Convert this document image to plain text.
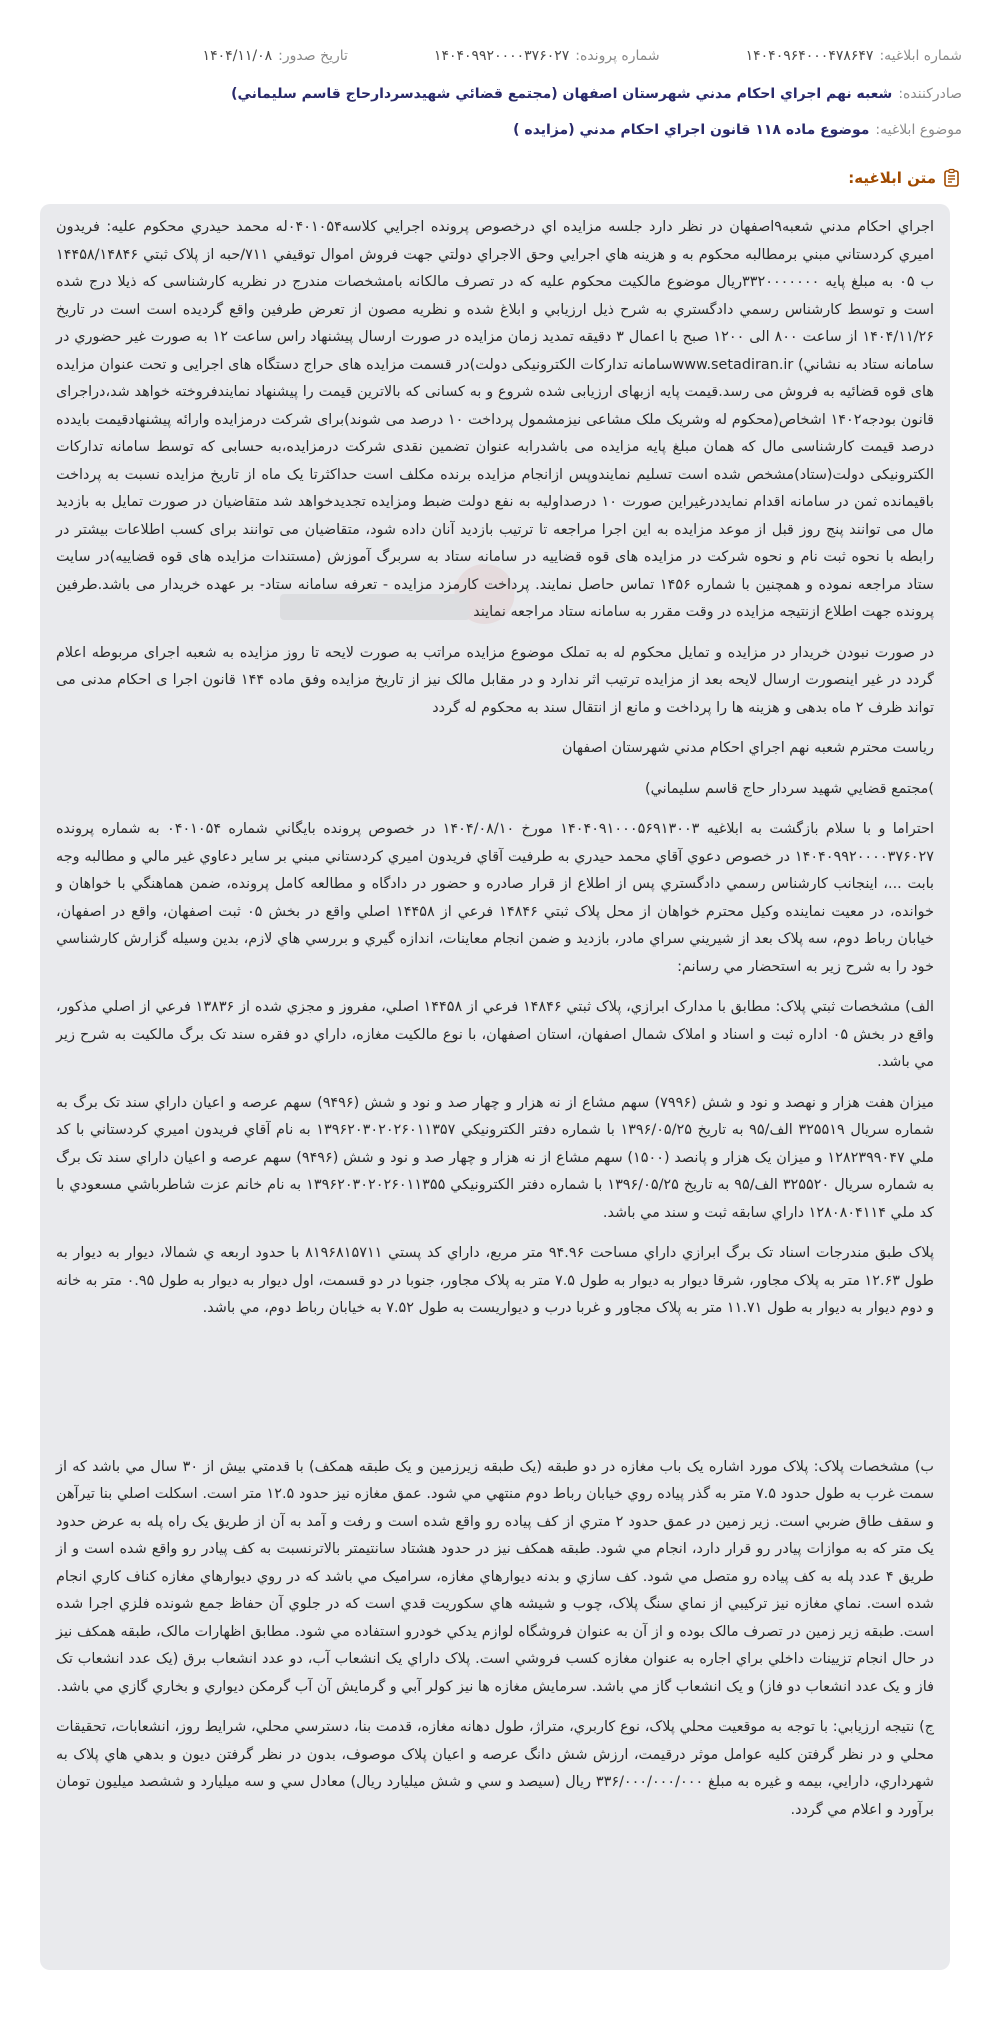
شماره ابلاغيه:۱۴۰۴۰۹۶۴۰۰۰۴۷۸۶۴۷
شماره پرونده:۱۴۰۴۰۹۹۲۰۰۰۰۳۷۶۰۲۷
تاريخ صدور:۱۴۰۴/۱۱/۰۸
صادرکننده:
شعبه نهم اجراي احکام مدني شهرستان اصفهان (مجتمع قضائي شهيدسردارحاج قاسم سليماني)
موضوع ابلاغيه:
موضوع ماده ۱۱۸ قانون اجراي احکام مدني (مزايده )
متن ابلاغيه:

اجراي احکام مدني شعبه۹اصفهان در نظر دارد جلسه مزايده اي درخصوص پرونده اجرايي کلاسه۰۴۰۱۰۵۴له محمد حيدري محکوم عليه: فريدون اميري کردستاني مبني برمطالبه محکوم به و هزينه هاي اجرايي وحق الاجراي دولتي جهت فروش اموال توقيفي ۷۱۱/حبه از پلاک ثبتي ۱۴۴۵۸/۱۴۸۴۶ ب ۰۵ به مبلغ پايه ۳۳۲۰۰۰۰۰۰۰ريال موضوع مالکيت محکوم عليه که در تصرف مالکانه بامشخصات مندرج در نظريه کارشناسی که ذيلا درج شده است و توسط کارشناس رسمي دادگستري به شرح ذيل ارزيابي و ابلاغ شده و نظريه مصون از تعرض طرفين واقع گرديده است است در تاريخ ۱۴۰۴/۱۱/۲۶ از ساعت ۸۰۰ الی ۱۲۰۰ صبح با اعمال ۳ دقيقه تمديد زمان مزايده در صورت ارسال پيشنهاد راس ساعت ۱۲ به صورت غير حضوري در سامانه ستاد به نشاني) www.setadiran.irسامانه تدارکات الکترونيکی دولت)در قسمت مزايده های حراج دستگاه های اجرايی و تحت عنوان مزايده های قوه قضائيه به فروش می رسد.قيمت پايه ازبهای ارزيابی شده شروع و به کسانی که بالاترين قيمت را پيشنهاد نمايندفروخته خواهد شد،دراجرای قانون بودجه۱۴۰۲ اشخاص(محکوم له وشريک ملک مشاعی نيزمشمول پرداخت ۱۰ درصد می شوند)برای شرکت درمزايده وارائه پيشنهادقيمت بايدده درصد قيمت کارشناسی مال که همان مبلغ پايه مزايده می باشدرابه عنوان تضمين نقدی شرکت درمزايده،به حسابی که توسط سامانه تدارکات الکترونيکی دولت(ستاد)مشخص شده است تسليم نمايندوپس ازانجام مزايده برنده مکلف است حداکثرتا يک ماه از تاريخ مزايده نسبت به پرداخت باقيمانده ثمن در سامانه اقدام نمايددرغيراين صورت ۱۰ درصداوليه به نفع دولت ضبط ومزايده تجديدخواهد شد متقاضيان در صورت تمايل به بازديد مال می توانند پنج روز قبل از موعد مزايده به اين اجرا مراجعه تا ترتيب بازديد آنان داده شود، متقاضيان می توانند برای کسب اطلاعات بيشتر در رابطه با نحوه ثبت نام و نحوه شرکت در مزايده های قوه قضاييه در سامانه ستاد به سربرگ آموزش (مستندات مزايده های قوه قضاييه)در سايت ستاد مراجعه نموده و همچنين با شماره ۱۴۵۶ تماس حاصل نمايند. پرداخت کارمزد مزايده - تعرفه سامانه ستاد- بر عهده خريدار می باشد.طرفين پرونده جهت اطلاع ازنتيجه مزايده در وقت مقرر به سامانه ستاد مراجعه نمايند

در صورت نبودن خريدار در مزايده و تمايل محکوم له به تملک موضوع مزايده مراتب به صورت لايحه تا روز مزايده به شعبه اجرای مربوطه اعلام گردد در غير اينصورت ارسال لايحه بعد از مزايده ترتيب اثر ندارد و در مقابل مالک نيز از تاريخ مزايده وفق ماده ۱۴۴ قانون اجرا ی احکام مدنی می تواند ظرف ۲ ماه بدهی و هزينه ها را پرداخت و مانع از انتقال سند به محکوم له گردد

رياست محترم شعبه نهم اجراي احکام مدني شهرستان اصفهان

)مجتمع قضايي شهيد سردار حاج قاسم سليماني)

احتراما و با سلام بازگشت به ابلاغيه ۱۴۰۴۰۹۱۰۰۰۵۶۹۱۳۰۰۳ مورخ ۱۴۰۴/۰۸/۱۰ در خصوص پرونده بايگاني شماره ۰۴۰۱۰۵۴ به شماره پرونده ۱۴۰۴۰۹۹۲۰۰۰۰۳۷۶۰۲۷ در خصوص دعوي آقاي محمد حيدري به طرفيت آقاي فريدون اميري کردستاني مبني بر ساير دعاوي غير مالي و مطالبه وجه بابت ...، اينجانب کارشناس رسمي دادگستري پس از اطلاع از قرار صادره و حضور در دادگاه و مطالعه کامل پرونده، ضمن هماهنگي با خواهان و خوانده، در معيت نماينده وکيل محترم خواهان از محل پلاک ثبتي ۱۴۸۴۶ فرعي از ۱۴۴۵۸ اصلي واقع در بخش ۰۵ ثبت اصفهان، واقع در اصفهان، خيابان رباط دوم، سه پلاک بعد از شيريني سراي مادر، بازديد و ضمن انجام معاينات، اندازه گيري و بررسي هاي لازم، بدين وسيله گزارش کارشناسي خود را به شرح زير به استحضار مي رسانم:

الف) مشخصات ثبتي پلاک: مطابق با مدارک ابرازي، پلاک ثبتي ۱۴۸۴۶ فرعي از ۱۴۴۵۸ اصلي، مفروز و مجزي شده از ۱۳۸۳۶ فرعي از اصلي مذکور، واقع در بخش ۰۵ اداره ثبت و اسناد و املاک شمال اصفهان، استان اصفهان، با نوع مالکيت مغازه، داراي دو فقره سند تک برگ مالکيت به شرح زير مي باشد.

ميزان هفت هزار و نهصد و نود و شش (۷۹۹۶) سهم مشاع از نه هزار و چهار صد و نود و شش (۹۴۹۶) سهم عرصه و اعيان داراي سند تک برگ به شماره سريال ۳۲۵۵۱۹ الف/۹۵ به تاريخ ۱۳۹۶/۰۵/۲۵ با شماره دفتر الکترونيکي ۱۳۹۶۲۰۳۰۲۰۲۶۰۱۱۳۵۷ به نام آقاي فريدون اميري کردستاني با کد ملي ۱۲۸۲۳۹۹۰۴۷ و ميزان يک هزار و پانصد (۱۵۰۰) سهم مشاع از نه هزار و چهار صد و نود و شش (۹۴۹۶) سهم عرصه و اعيان داراي سند تک برگ به شماره سريال ۳۲۵۵۲۰ الف/۹۵ به تاريخ ۱۳۹۶/۰۵/۲۵ با شماره دفتر الکترونيکي ۱۳۹۶۲۰۳۰۲۰۲۶۰۱۱۳۵۵ به نام خانم عزت شاطرباشي مسعودي با کد ملي ۱۲۸۰۸۰۴۱۱۴ داراي سابقه ثبت و سند مي باشد.

پلاک طبق مندرجات اسناد تک برگ ابرازي داراي مساحت ۹۴.۹۶ متر مربع، داراي کد پستي ۸۱۹۶۸۱۵۷۱۱ با حدود اربعه ي شمالا، ديوار به ديوار به طول ۱۲.۶۳ متر به پلاک مجاور، شرقا ديوار به ديوار به طول ۷.۵ متر به پلاک مجاور، جنوبا در دو قسمت، اول ديوار به ديوار به طول ۰.۹۵ متر به خانه و دوم ديوار به ديوار به طول ۱۱.۷۱ متر به پلاک مجاور و غربا درب و ديواريست به طول ۷.۵۲ به خيابان رباط دوم، مي باشد.

ب) مشخصات پلاک: پلاک مورد اشاره يک باب مغازه در دو طبقه (يک طبقه زيرزمين و يک طبقه همکف) با قدمتي بيش از ۳۰ سال مي باشد که از سمت غرب به طول حدود ۷.۵ متر به گذر پياده روي خيابان رباط دوم منتهي مي شود. عمق مغازه نيز حدود ۱۲.۵ متر است. اسکلت اصلي بنا تيرآهن و سقف طاق ضربي است. زير زمين در عمق حدود ۲ متري از کف پياده رو واقع شده است و رفت و آمد به آن از طريق يک راه پله به عرض حدود يک متر که به موازات پيادر رو قرار دارد، انجام مي شود. طبقه همکف نيز در حدود هشتاد سانتيمتر بالاترنسبت به کف پيادر رو واقع شده است و از طريق ۴ عدد پله به کف پياده رو متصل مي شود. کف سازي و بدنه ديوارهاي مغازه، سراميک مي باشد که در روي ديوارهاي مغازه کناف کاري انجام شده است. نماي مغازه نيز ترکيبي از نماي سنگ پلاک، چوب و شيشه هاي سکوريت قدي است که در جلوي آن حفاظ جمع شونده فلزي اجرا شده است. طبقه زير زمين در تصرف مالک بوده و از آن به عنوان فروشگاه لوازم يدکي خودرو استفاده مي شود. مطابق اظهارات مالک، طبقه همکف نيز در حال انجام تزيينات داخلي براي اجاره به عنوان مغازه کسب فروشي است. پلاک داراي يک انشعاب آب، دو عدد انشعاب برق (يک عدد انشعاب تک فاز و يک عدد انشعاب دو فاز) و يک انشعاب گاز مي باشد. سرمايش مغازه ها نيز کولر آبي و گرمايش آن آب گرمکن ديواري و بخاري گازي مي باشد.

ج) نتيجه ارزيابي: با توجه به موقعيت محلي پلاک، نوع کاربري، متراژ، طول دهانه مغازه، قدمت بنا، دسترسي محلي، شرايط روز، انشعابات، تحقيقات محلي و در نظر گرفتن کليه عوامل موثر درقيمت، ارزش شش دانگ عرصه و اعيان پلاک موصوف، بدون در نظر گرفتن ديون و بدهي هاي پلاک به شهرداري، دارايي، بيمه و غيره به مبلغ ۳۳۶/۰۰۰/۰۰۰/۰۰۰ ريال (سيصد و سي و شش ميليارد ريال) معادل سي و سه ميليارد و ششصد ميليون تومان برآورد و اعلام مي گردد.
